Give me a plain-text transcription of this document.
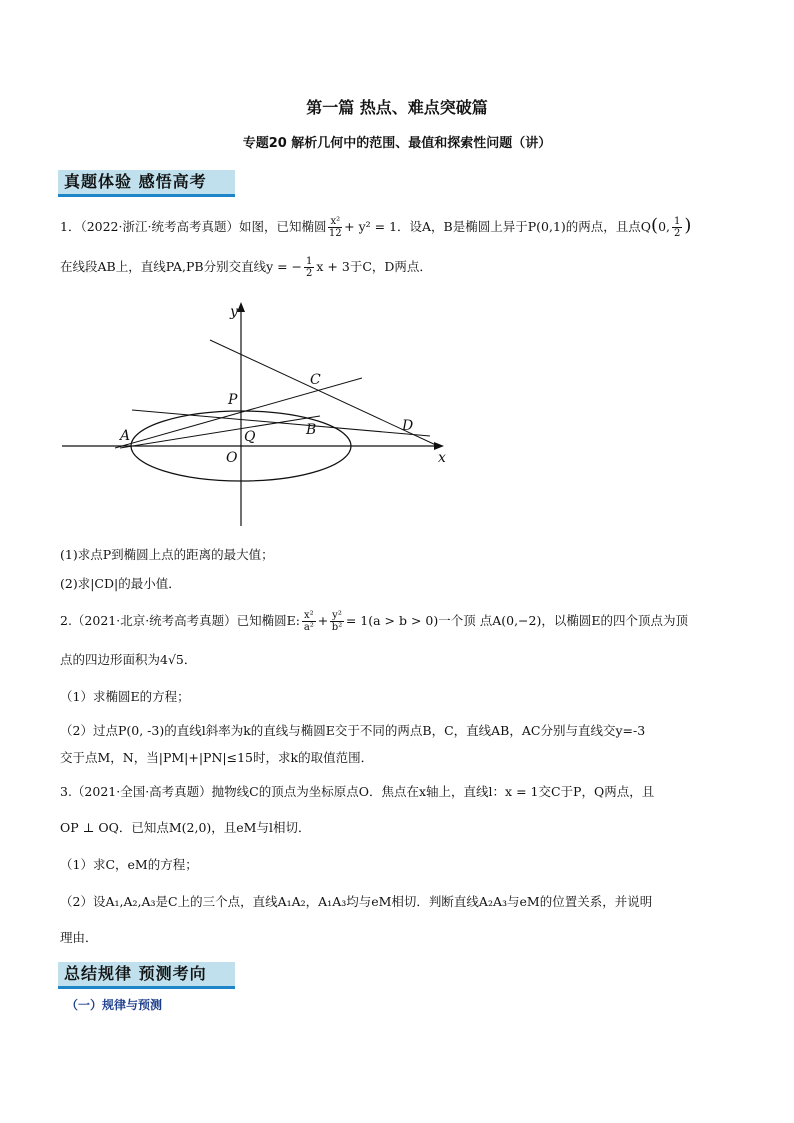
第一篇 热点、难点突破篇
专题20 解析几何中的范围、最值和探索性问题（讲）
真题体验 感悟高考
1．（2022·浙江·统考高考真题）如图，已知椭圆 $\frac{\text{x²}}{12} + y^2 = 1$．设A，B是椭圆上异于P(0,1)的两点，且点Q(0, $\frac{1}{2}$ )
在线段AB上，直线PA,PB分别交直线y = − $\frac{1}{2}$ x + 3于C，D两点．
y
x
P
C
A	Q	B	D
O
(1)求点P到椭圆上点的距离的最大值；
(2)求|CD|的最小值．
2.（2021·北京·统考高考真题）已知椭圆E: $\frac{\text{x²}}{\text{a²}} + \frac{\text{y²}}{\text{b²}} = 1(a > b > 0)$一个顶 点A(0,−2)，以椭圆E的四个顶点为顶
点的四边形面积为4√5．
（1）求椭圆E的方程；
（2）过点P(0, -3)的直线l斜率为k的直线与椭圆E交于不同的两点B，C，直线AB，AC分别与直线交y=-3
交于点M，N，当|PM|+|PN|≤15时，求k的取值范围．
3.（2021·全国·高考真题）抛物线C的顶点为坐标原点O．焦点在x轴上，直线l：x = 1交C于P，Q两点，且
OP ⊥ OQ．已知点M(2,0)，且eM与l相切．
（1）求C，eM的方程；
（2）设A₁,A₂,A₃是C上的三个点，直线A₁A₂，A₁A₃均与eM相切．判断直线A₂A₃与eM的位置关系，并说明
理由．
总结规律 预测考向
（一）规律与预测
